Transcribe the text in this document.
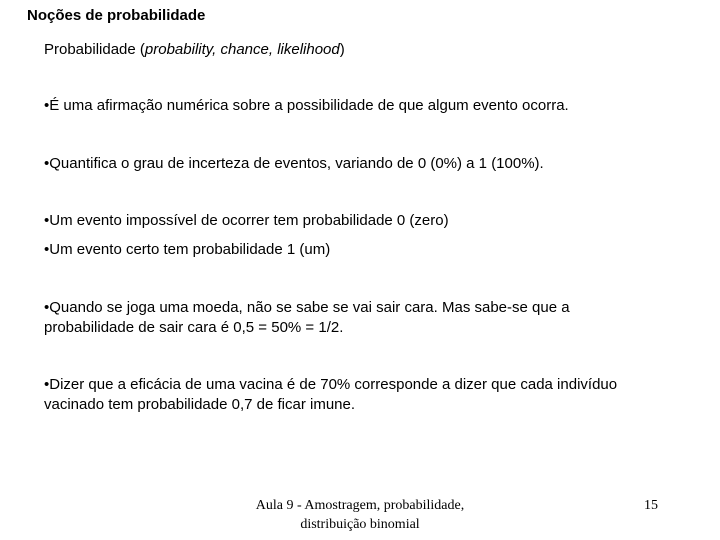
Noções de probabilidade
Probabilidade (probability, chance, likelihood)
•É uma afirmação numérica sobre a possibilidade de que algum evento ocorra.
•Quantifica o grau de incerteza de eventos, variando de 0 (0%) a 1 (100%).
•Um evento impossível de ocorrer tem probabilidade 0 (zero)
•Um evento certo tem probabilidade 1 (um)
•Quando se joga uma moeda, não se sabe se vai sair cara. Mas sabe-se que a probabilidade de sair cara é 0,5 = 50% = 1/2.
•Dizer que a eficácia de uma vacina é de 70% corresponde a dizer que cada indivíduo vacinado tem probabilidade 0,7 de ficar imune.
Aula 9 - Amostragem, probabilidade,
distribuição binomial
15
